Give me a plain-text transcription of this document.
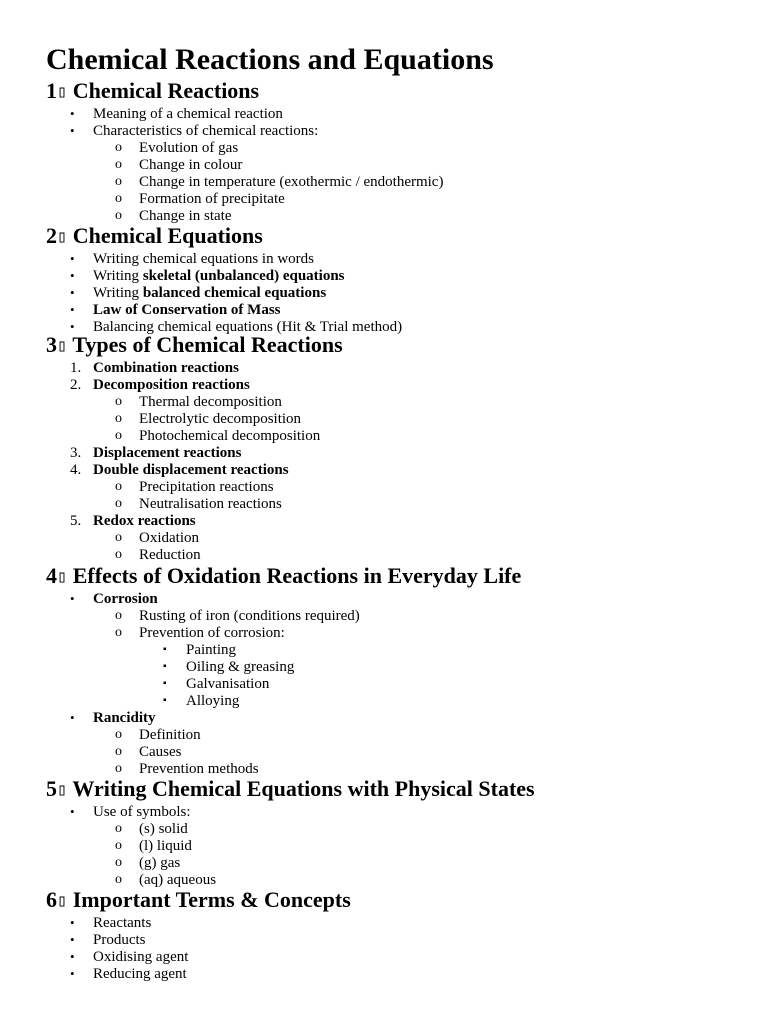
Chemical Reactions and Equations
1▯ Chemical Reactions
• Meaning of a chemical reaction
• Characteristics of chemical reactions:
o Evolution of gas
o Change in colour
o Change in temperature (exothermic / endothermic)
o Formation of precipitate
o Change in state
2▯ Chemical Equations
• Writing chemical equations in words
• Writing skeletal (unbalanced) equations
• Writing balanced chemical equations
• Law of Conservation of Mass
• Balancing chemical equations (Hit & Trial method)
3▯ Types of Chemical Reactions
1. Combination reactions
2. Decomposition reactions
o Thermal decomposition
o Electrolytic decomposition
o Photochemical decomposition
3. Displacement reactions
4. Double displacement reactions
o Precipitation reactions
o Neutralisation reactions
5. Redox reactions
o Oxidation
o Reduction
4▯ Effects of Oxidation Reactions in Everyday Life
• Corrosion
o Rusting of iron (conditions required)
o Prevention of corrosion:
▪ Painting
▪ Oiling & greasing
▪ Galvanisation
▪ Alloying
• Rancidity
o Definition
o Causes
o Prevention methods
5▯ Writing Chemical Equations with Physical States
• Use of symbols:
o (s) solid
o (l) liquid
o (g) gas
o (aq) aqueous
6▯ Important Terms & Concepts
• Reactants
• Products
• Oxidising agent
• Reducing agent
